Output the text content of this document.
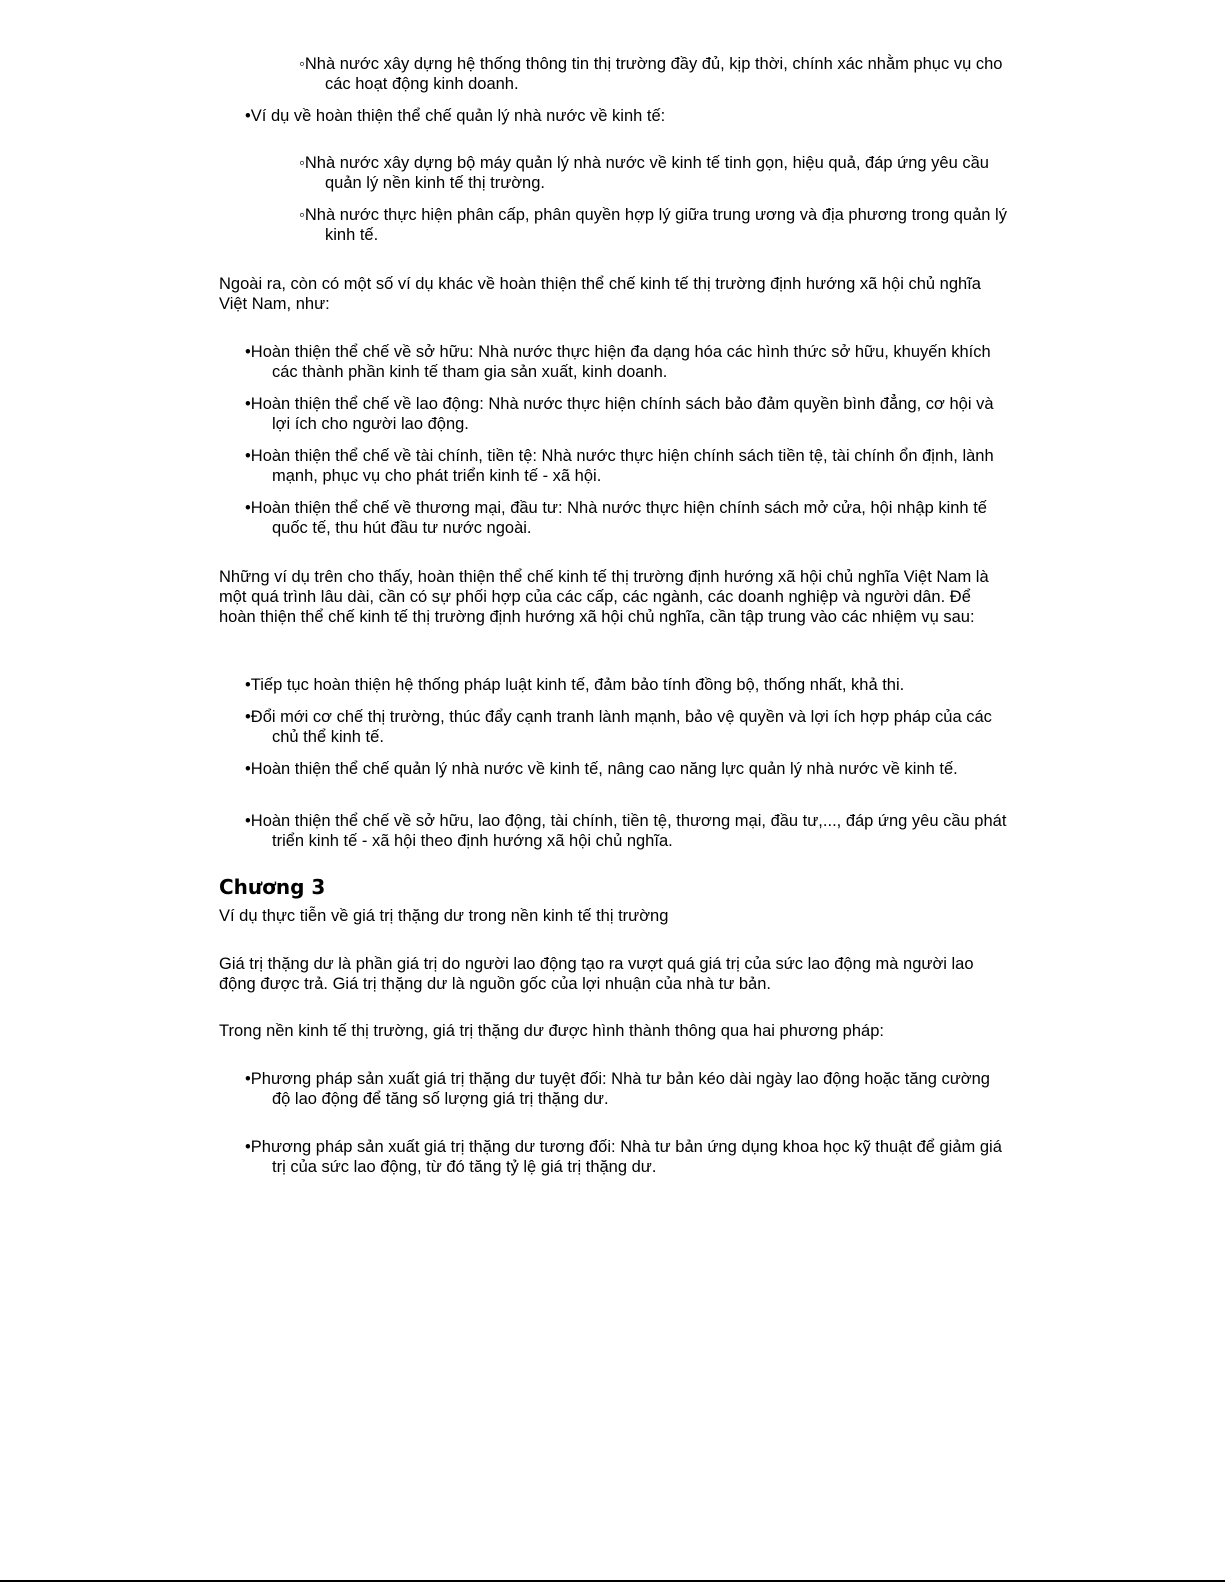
◦Nhà nước xây dựng hệ thống thông tin thị trường đầy đủ, kịp thời, chính xác nhằm phục vụ cho các hoạt động kinh doanh.

•Ví dụ về hoàn thiện thể chế quản lý nhà nước về kinh tế:

◦Nhà nước xây dựng bộ máy quản lý nhà nước về kinh tế tinh gọn, hiệu quả, đáp ứng yêu cầu quản lý nền kinh tế thị trường.

◦Nhà nước thực hiện phân cấp, phân quyền hợp lý giữa trung ương và địa phương trong quản lý kinh tế.

Ngoài ra, còn có một số ví dụ khác về hoàn thiện thể chế kinh tế thị trường định hướng xã hội chủ nghĩa Việt Nam, như:

•Hoàn thiện thể chế về sở hữu: Nhà nước thực hiện đa dạng hóa các hình thức sở hữu, khuyến khích các thành phần kinh tế tham gia sản xuất, kinh doanh.

•Hoàn thiện thể chế về lao động: Nhà nước thực hiện chính sách bảo đảm quyền bình đẳng, cơ hội và lợi ích cho người lao động.

•Hoàn thiện thể chế về tài chính, tiền tệ: Nhà nước thực hiện chính sách tiền tệ, tài chính ổn định, lành mạnh, phục vụ cho phát triển kinh tế - xã hội.

•Hoàn thiện thể chế về thương mại, đầu tư: Nhà nước thực hiện chính sách mở cửa, hội nhập kinh tế quốc tế, thu hút đầu tư nước ngoài.

Những ví dụ trên cho thấy, hoàn thiện thể chế kinh tế thị trường định hướng xã hội chủ nghĩa Việt Nam là một quá trình lâu dài, cần có sự phối hợp của các cấp, các ngành, các doanh nghiệp và người dân. Để hoàn thiện thể chế kinh tế thị trường định hướng xã hội chủ nghĩa, cần tập trung vào các nhiệm vụ sau:

•Tiếp tục hoàn thiện hệ thống pháp luật kinh tế, đảm bảo tính đồng bộ, thống nhất, khả thi.

•Đổi mới cơ chế thị trường, thúc đẩy cạnh tranh lành mạnh, bảo vệ quyền và lợi ích hợp pháp của các chủ thể kinh tế.

•Hoàn thiện thể chế quản lý nhà nước về kinh tế, nâng cao năng lực quản lý nhà nước về kinh tế.

•Hoàn thiện thể chế về sở hữu, lao động, tài chính, tiền tệ, thương mại, đầu tư,..., đáp ứng yêu cầu phát triển kinh tế - xã hội theo định hướng xã hội chủ nghĩa.

Chương 3

Ví dụ thực tiễn về giá trị thặng dư trong nền kinh tế thị trường

Giá trị thặng dư là phần giá trị do người lao động tạo ra vượt quá giá trị của sức lao động mà người lao động được trả. Giá trị thặng dư là nguồn gốc của lợi nhuận của nhà tư bản.

Trong nền kinh tế thị trường, giá trị thặng dư được hình thành thông qua hai phương pháp:

•Phương pháp sản xuất giá trị thặng dư tuyệt đối: Nhà tư bản kéo dài ngày lao động hoặc tăng cường độ lao động để tăng số lượng giá trị thặng dư.

•Phương pháp sản xuất giá trị thặng dư tương đối: Nhà tư bản ứng dụng khoa học kỹ thuật để giảm giá trị của sức lao động, từ đó tăng tỷ lệ giá trị thặng dư.
